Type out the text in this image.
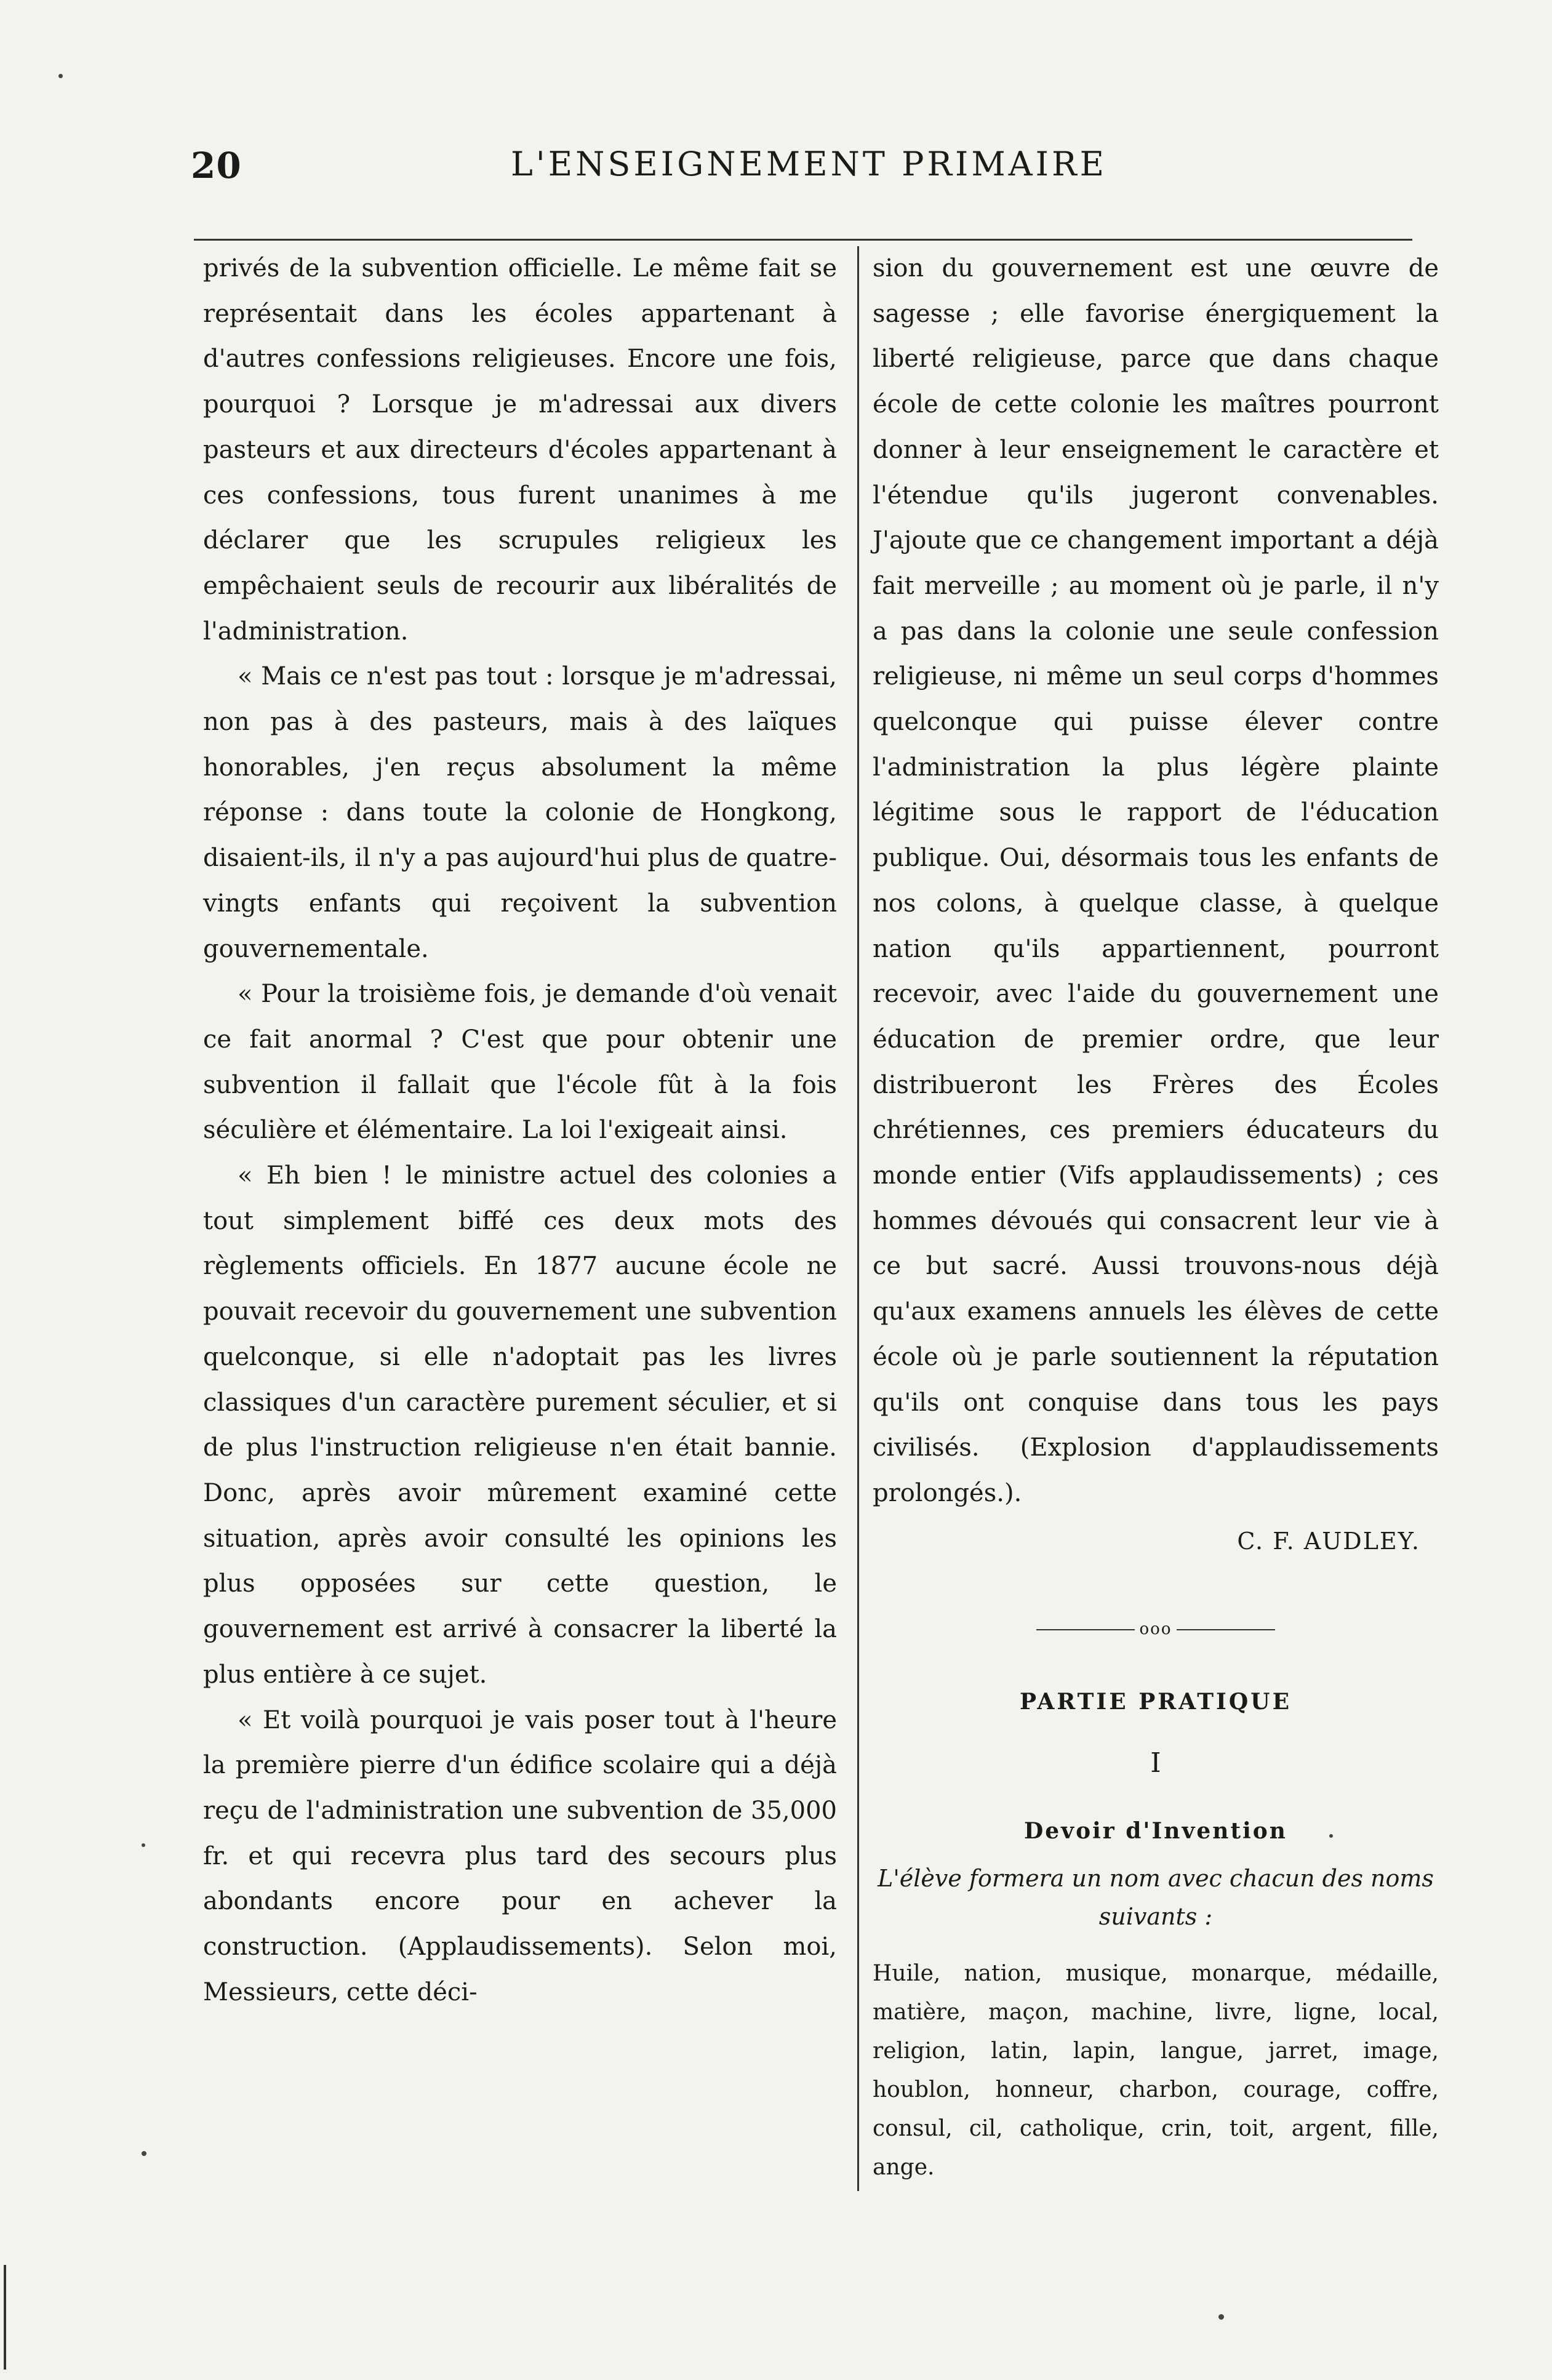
20	L'ENSEIGNEMENT PRIMAIRE

privés de la subvention officielle. Le même fait se représentait dans les écoles appartenant à d'autres confessions religieuses. Encore une fois, pourquoi ? Lorsque je m'adressai aux divers pasteurs et aux directeurs d'écoles appartenant à ces confessions, tous furent unanimes à me déclarer que les scrupules religieux les empêchaient seuls de recourir aux libéralités de l'administration.

« Mais ce n'est pas tout : lorsque je m'adressai, non pas à des pasteurs, mais à des laïques honorables, j'en reçus absolument la même réponse : dans toute la colonie de Hongkong, disaient-ils, il n'y a pas aujourd'hui plus de quatre-vingts enfants qui reçoivent la subvention gouvernementale.

« Pour la troisième fois, je demande d'où venait ce fait anormal ? C'est que pour obtenir une subvention il fallait que l'école fût à la fois séculière et élémentaire. La loi l'exigeait ainsi.

« Eh bien ! le ministre actuel des colonies a tout simplement biffé ces deux mots des règlements officiels. En 1877 aucune école ne pouvait recevoir du gouvernement une subvention quelconque, si elle n'adoptait pas les livres classiques d'un caractère purement séculier, et si de plus l'instruction religieuse n'en était bannie. Donc, après avoir mûrement examiné cette situation, après avoir consulté les opinions les plus opposées sur cette question, le gouvernement est arrivé à consacrer la liberté la plus entière à ce sujet.

« Et voilà pourquoi je vais poser tout à l'heure la première pierre d'un édifice scolaire qui a déjà reçu de l'administration une subvention de 35,000 fr. et qui recevra plus tard des secours plus abondants encore pour en achever la construction. (Applaudissements). Selon moi, Messieurs, cette déci-

sion du gouvernement est une œuvre de sagesse ; elle favorise énergiquement la liberté religieuse, parce que dans chaque école de cette colonie les maîtres pourront donner à leur enseignement le caractère et l'étendue qu'ils jugeront convenables. J'ajoute que ce changement important a déjà fait merveille ; au moment où je parle, il n'y a pas dans la colonie une seule confession religieuse, ni même un seul corps d'hommes quelconque qui puisse élever contre l'administration la plus légère plainte légitime sous le rapport de l'éducation publique. Oui, désormais tous les enfants de nos colons, à quelque classe, à quelque nation qu'ils appartiennent, pourront recevoir, avec l'aide du gouvernement une éducation de premier ordre, que leur distribueront les Frères des Écoles chrétiennes, ces premiers éducateurs du monde entier (Vifs applaudissements) ; ces hommes dévoués qui consacrent leur vie à ce but sacré. Aussi trouvons-nous déjà qu'aux examens annuels les élèves de cette école où je parle soutiennent la réputation qu'ils ont conquise dans tous les pays civilisés. (Explosion d'applaudissements prolongés.).

C. F. AUDLEY.

ooo

PARTIE PRATIQUE

I

Devoir d'Invention

L'élève formera un nom avec chacun des noms suivants :

Huile, nation, musique, monarque, médaille, matière, maçon, machine, livre, ligne, local, religion, latin, lapin, langue, jarret, image, houblon, honneur, charbon, courage, coffre, consul, cil, catholique, crin, toit, argent, fille, ange.
